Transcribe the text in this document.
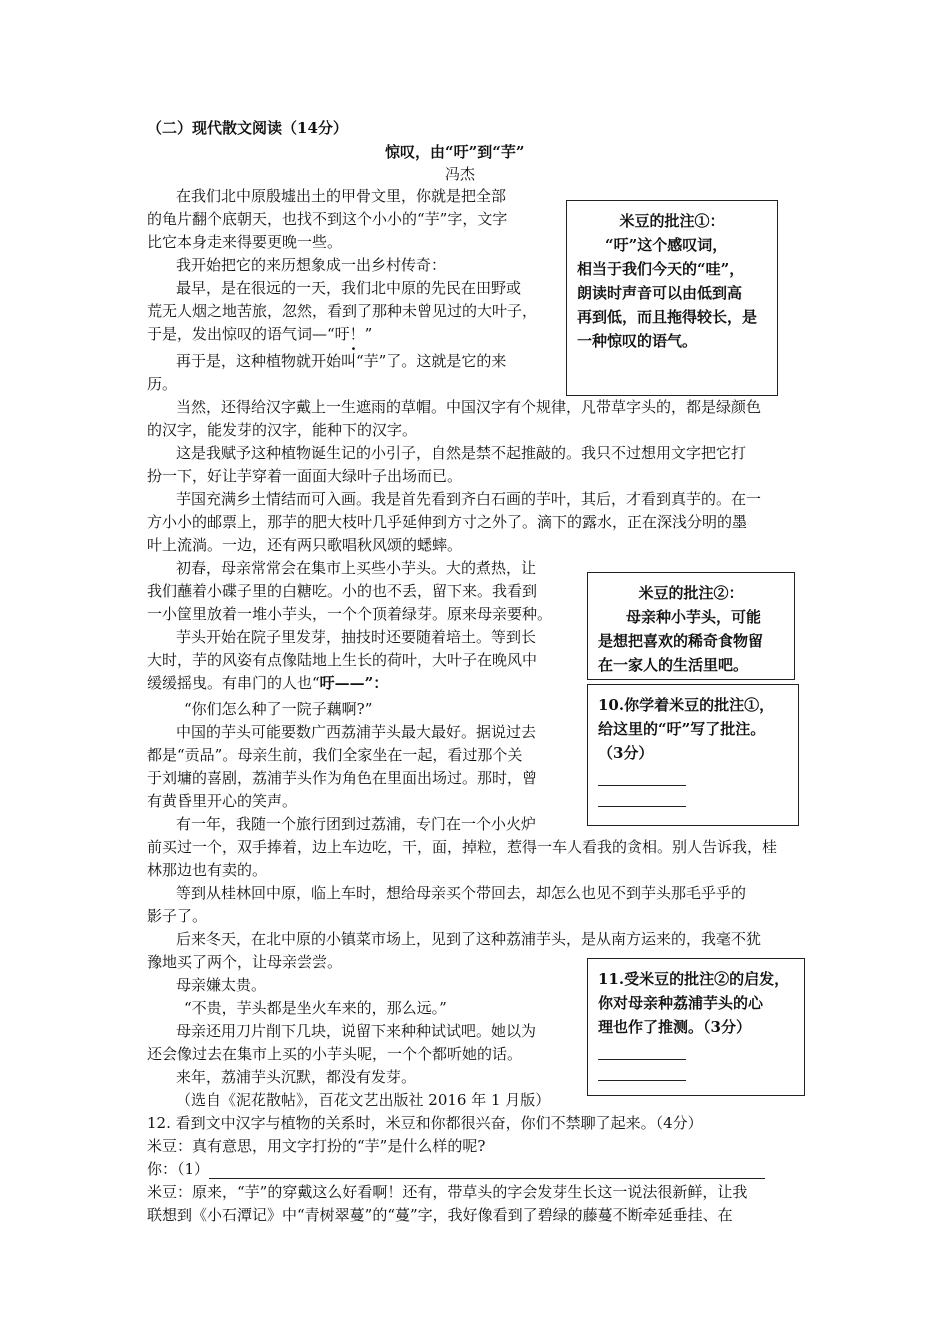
（二）现代散文阅读（14分）
惊叹，由“吁”到“芋”
冯杰
在我们北中原殷墟出土的甲骨文里，你就是把全部
的龟片翻个底朝天，也找不到这个小小的“芋”字，文字
比它本身走来得要更晚一些。
我开始把它的来历想象成一出乡村传奇：
最早，是在很远的一天，我们北中原的先民在田野或
荒无人烟之地苦旅，忽然，看到了那种未曾见过的大叶子，
于是，发出惊叹的语气词—“吁！” ·
再于是，这种植物就开始叫“芋”了。这就是它的来
历。
当然，还得给汉字戴上一生遮雨的草帽。中国汉字有个规律，凡带草字头的，都是绿颜色
的汉字，能发芽的汉字，能种下的汉字。
这是我赋予这种植物诞生记的小引子，自然是禁不起推敲的。我只不过想用文字把它打
扮一下，好让芋穿着一面面大绿叶子出场而已。
芋国充满乡土情结而可入画。我是首先看到齐白石画的芋叶，其后，才看到真芋的。在一
方小小的邮票上，那芋的肥大枝叶几乎延伸到方寸之外了。滴下的露水，正在深浅分明的墨
叶上流淌。一边，还有两只歌唱秋风颂的蟋蟀。
初春，母亲常常会在集市上买些小芋头。大的煮热，让
我们蘸着小碟子里的白糖吃。小的也不丢，留下来。我看到
一小筐里放着一堆小芋头，一个个顶着绿芽。原来母亲要种。
芋头开始在院子里发芽，抽技时还要随着培土。等到长
大时，芋的风姿有点像陆地上生长的荷叶，大叶子在晚风中
缓缓摇曳。有串门的人也“吁——”：
“你们怎么种了一院子藕啊?”
中国的芋头可能要数广西荔浦芋头最大最好。据说过去
都是“贡品”。母亲生前，我们全家坐在一起，看过那个关
于刘墉的喜剧，荔浦芋头作为角色在里面出场过。那时，曾
有黄昏里开心的笑声。
有一年，我随一个旅行团到过荔浦，专门在一个小火炉
前买过一个，双手捧着，边上车边吃，干，面，掉粒，惹得一车人看我的贪相。别人告诉我，桂
林那边也有卖的。
等到从桂林回中原，临上车时，想给母亲买个带回去，却怎么也见不到芋头那毛乎乎的
影子了。
后来冬天，在北中原的小镇菜市场上，见到了这种荔浦芋头，是从南方运来的，我毫不犹
豫地买了两个，让母亲尝尝。
母亲嫌太贵。
“不贵，芋头都是坐火车来的，那么远。”
母亲还用刀片削下几块，说留下来种种试试吧。她以为
还会像过去在集市上买的小芋头呢，一个个都听她的话。
来年，荔浦芋头沉默，都没有发芽。
（选自《泥花散帖》，百花文艺出版社 2016 年 1 月版）
12. 看到文中汉字与植物的关系时，米豆和你都很兴奋，你们不禁聊了起来。（4分）
米豆：真有意思，用文字打扮的“芋”是什么样的呢?
你：（1）
米豆：原来，“芋”的穿戴这么好看啊！还有，带草头的字会发芽生长这一说法很新鲜，让我
联想到《小石潭记》中“青树翠蔓”的“蔓”字，我好像看到了碧绿的藤蔓不断牵延垂挂、在
米豆的批注①：
“吁”这个感叹词，
相当于我们今天的“哇”，
朗读时声音可以由低到高
再到低，而且拖得较长，是
一种惊叹的语气。
米豆的批注②：
母亲种小芋头，可能
是想把喜欢的稀奇食物留
在一家人的生活里吧。
10.你学着米豆的批注①，
给这里的“吁”写了批注。
（3分）
11.受米豆的批注②的启发，
你对母亲种荔浦芋头的心
理也作了推测。（3分）
